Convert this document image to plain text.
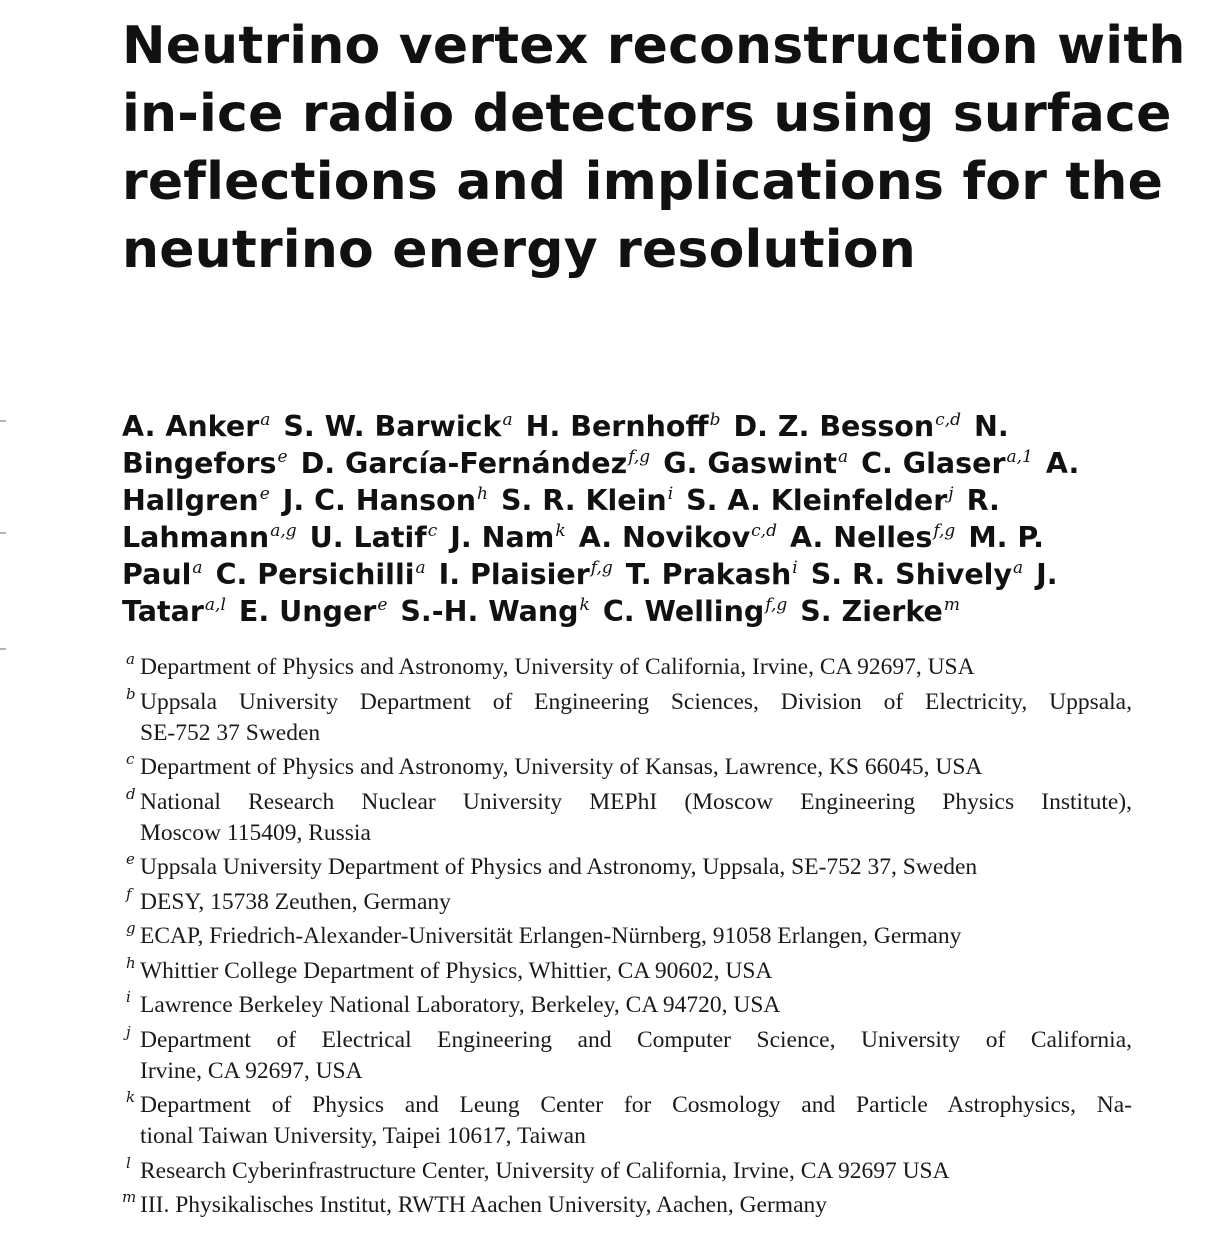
Neutrino vertex reconstruction with
in-ice radio detectors using surface
reflections and implications for the
neutrino energy resolution
A. Anker$^a$ S. W. Barwick$^a$ H. Bernhoff$^b$ D. Z. Besson$^{c,d}$ N.
Bingefors$^e$ D. García-Fernández$^{f,g}$ G. Gaswint$^a$ C. Glaser$^{a,1}$ A.
Hallgren$^e$ J. C. Hanson$^h$ S. R. Klein$^i$ S. A. Kleinfelder$^j$ R.
Lahmann$^{a,g}$ U. Latif$^c$ J. Nam$^k$ A. Novikov$^{c,d}$ A. Nelles$^{f,g}$ M. P.
Paul$^a$ C. Persichilli$^a$ I. Plaisier$^{f,g}$ T. Prakash$^i$ S. R. Shively$^a$ J.
Tatar$^{a,l}$ E. Unger$^e$ S.-H. Wang$^k$ C. Welling$^{f,g}$ S. Zierke$^m$
a Department of Physics and Astronomy, University of California, Irvine, CA 92697, USA
b Uppsala University Department of Engineering Sciences, Division of Electricity, Uppsala,
SE-752 37 Sweden
c Department of Physics and Astronomy, University of Kansas, Lawrence, KS 66045, USA
d National Research Nuclear University MEPhI (Moscow Engineering Physics Institute),
Moscow 115409, Russia
e Uppsala University Department of Physics and Astronomy, Uppsala, SE-752 37, Sweden
f DESY, 15738 Zeuthen, Germany
g ECAP, Friedrich-Alexander-Universität Erlangen-Nürnberg, 91058 Erlangen, Germany
h Whittier College Department of Physics, Whittier, CA 90602, USA
i Lawrence Berkeley National Laboratory, Berkeley, CA 94720, USA
j Department of Electrical Engineering and Computer Science, University of California,
Irvine, CA 92697, USA
k Department of Physics and Leung Center for Cosmology and Particle Astrophysics, Na-
tional Taiwan University, Taipei 10617, Taiwan
l Research Cyberinfrastructure Center, University of California, Irvine, CA 92697 USA
m III. Physikalisches Institut, RWTH Aachen University, Aachen, Germany
